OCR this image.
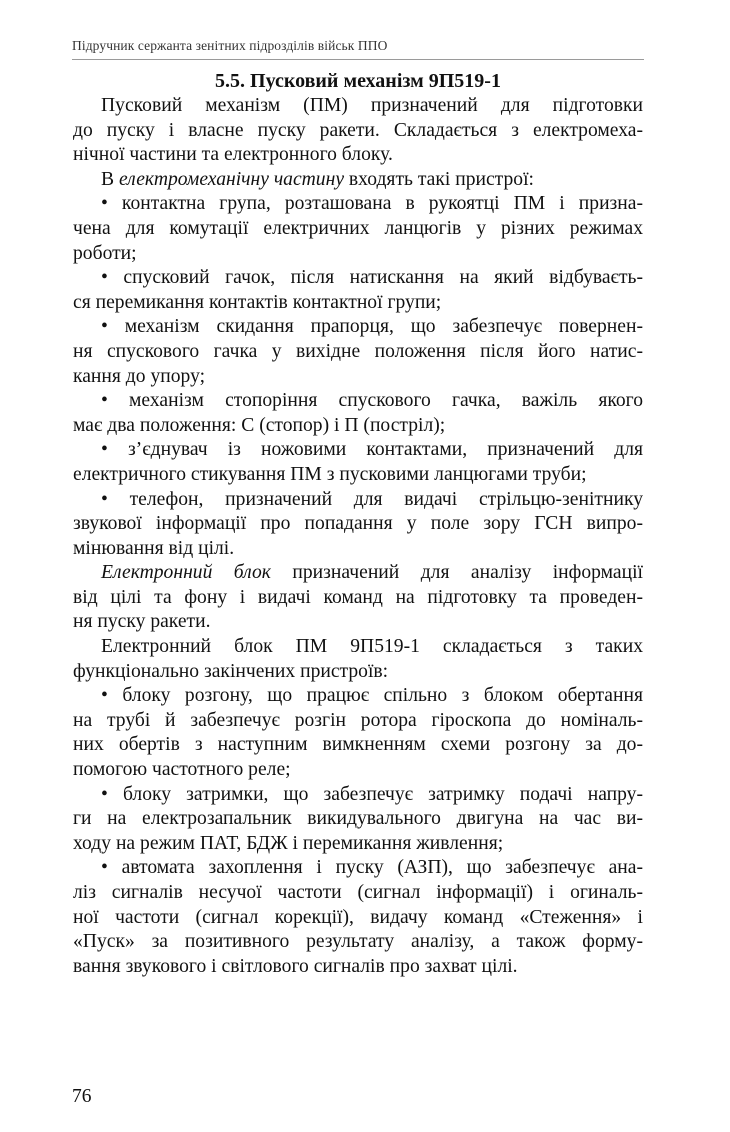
Підручник сержанта зенітних підрозділів військ ППО
5.5. Пусковий механізм 9П519-1
Пусковий механізм (ПМ) призначений для підготовки
до пуску і власне пуску ракети. Складається з електромеха-
нічної частини та електронного блоку.
В електромеханічну частину входять такі пристрої:
• контактна група, розташована в рукоятці ПМ і призна-
чена для комутації електричних ланцюгів у різних режимах
роботи;
• спусковий гачок, після натискання на який відбуваєть-
ся перемикання контактів контактної групи;
• механізм скидання прапорця, що забезпечує повернен-
ня спускового гачка у вихідне положення після його натис-
кання до упору;
• механізм стопоріння спускового гачка, важіль якого
має два положення: С (стопор) і П (постріл);
• з’єднувач із ножовими контактами, призначений для
електричного стикування ПМ з пусковими ланцюгами труби;
• телефон, призначений для видачі стрільцю-зенітнику
звукової інформації про попадання у поле зору ГСН випро-
мінювання від цілі.
Електронний блок призначений для аналізу інформації
від цілі та фону і видачі команд на підготовку та проведен-
ня пуску ракети.
Електронний блок ПМ 9П519-1 складається з таких
функціонально закінчених пристроїв:
• блоку розгону, що працює спільно з блоком обертання
на трубі й забезпечує розгін ротора гіроскопа до номіналь-
них обертів з наступним вимкненням схеми розгону за до-
помогою частотного реле;
• блоку затримки, що забезпечує затримку подачі напру-
ги на електрозапальник викидувального двигуна на час ви-
ходу на режим ПАТ, БДЖ і перемикання живлення;
• автомата захоплення і пуску (АЗП), що забезпечує ана-
ліз сигналів несучої частоти (сигнал інформації) і огиналь-
ної частоти (сигнал корекції), видачу команд «Стеження» і
«Пуск» за позитивного результату аналізу, а також форму-
вання звукового і світлового сигналів про захват цілі.
76
